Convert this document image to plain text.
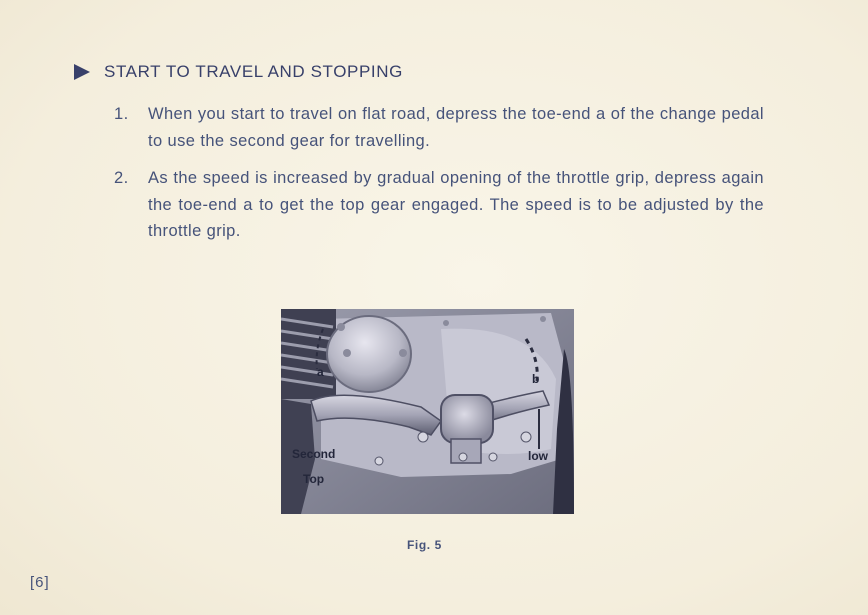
START TO TRAVEL AND STOPPING
1.	When you start to travel on flat road, depress the toe-end a of the change pedal to use the second gear for travelling.
2.	As the speed is increased by gradual opening of the throttle grip, depress again the toe-end a to get the top gear engaged. The speed is to be adjusted by the throttle grip.
a	b
Second
Top
low
Fig. 5
[6]
